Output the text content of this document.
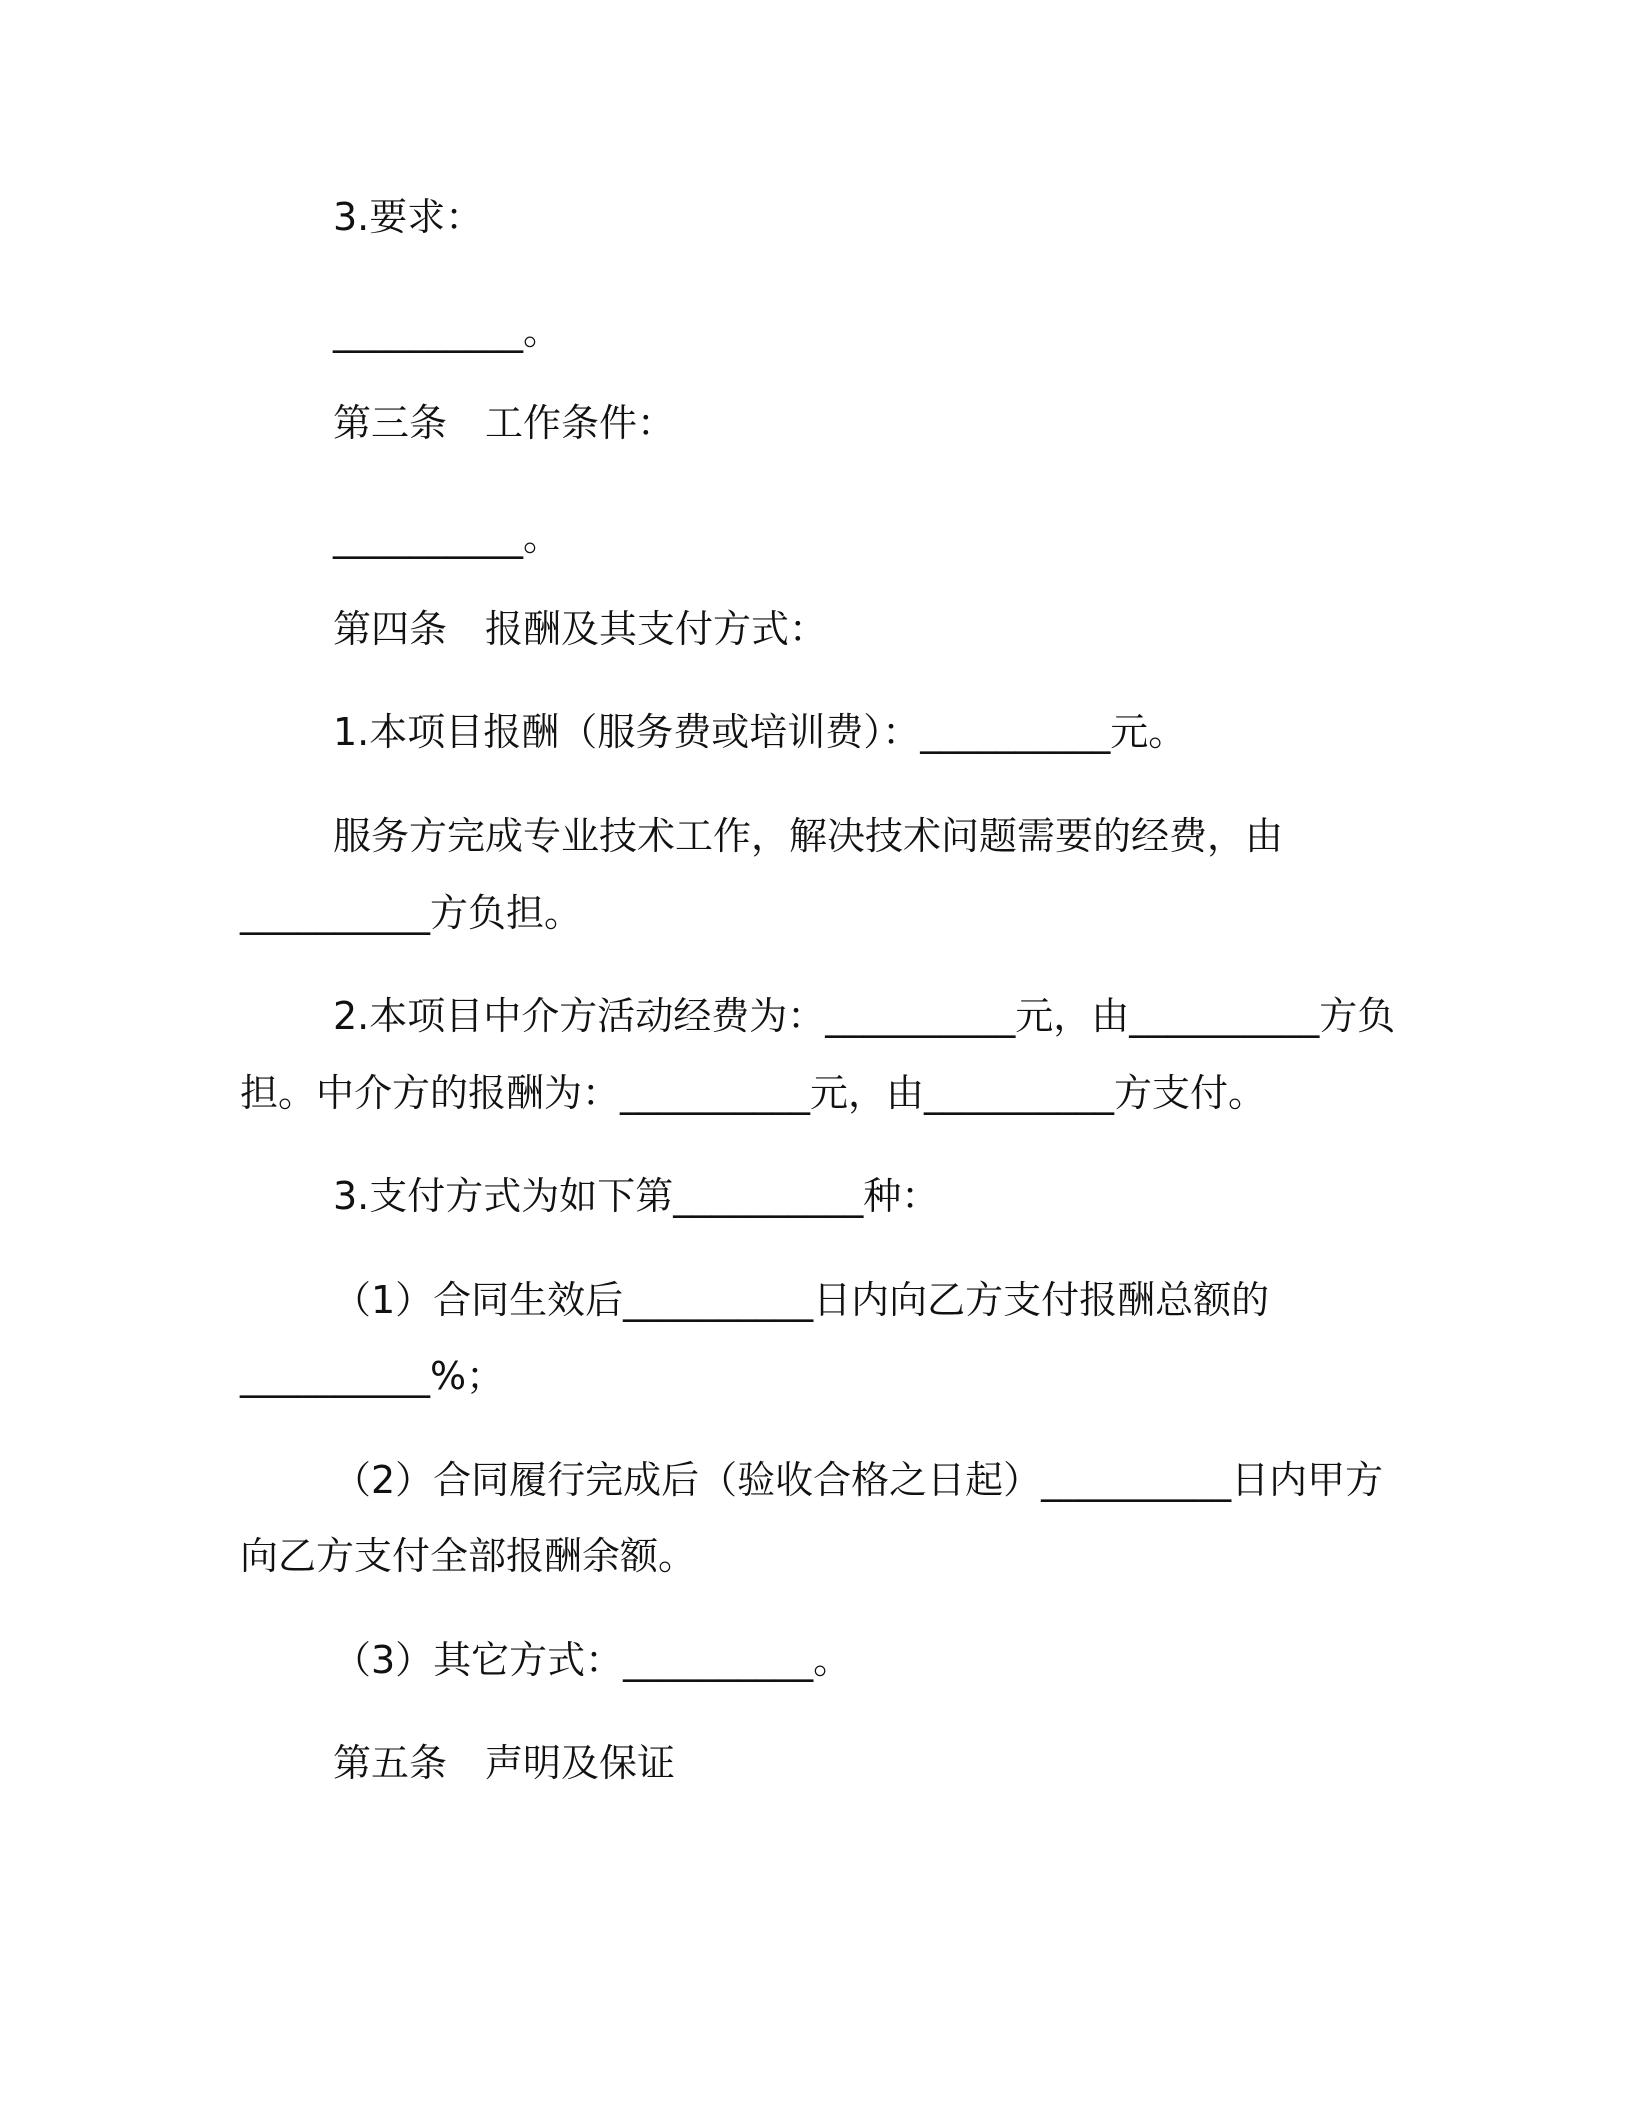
3.要求：
__________。
第三条　工作条件：
__________。
第四条　报酬及其支付方式：
1.本项目报酬（服务费或培训费）：__________元。
服务方完成专业技术工作，解决技术问题需要的经费，由
__________方负担。
2.本项目中介方活动经费为：__________元，由__________方负
担。中介方的报酬为：__________元，由__________方支付。
3.支付方式为如下第__________种：
（1）合同生效后__________日内向乙方支付报酬总额的
__________%；
（2）合同履行完成后（验收合格之日起）__________日内甲方
向乙方支付全部报酬余额。
（3）其它方式：__________。
第五条　声明及保证
